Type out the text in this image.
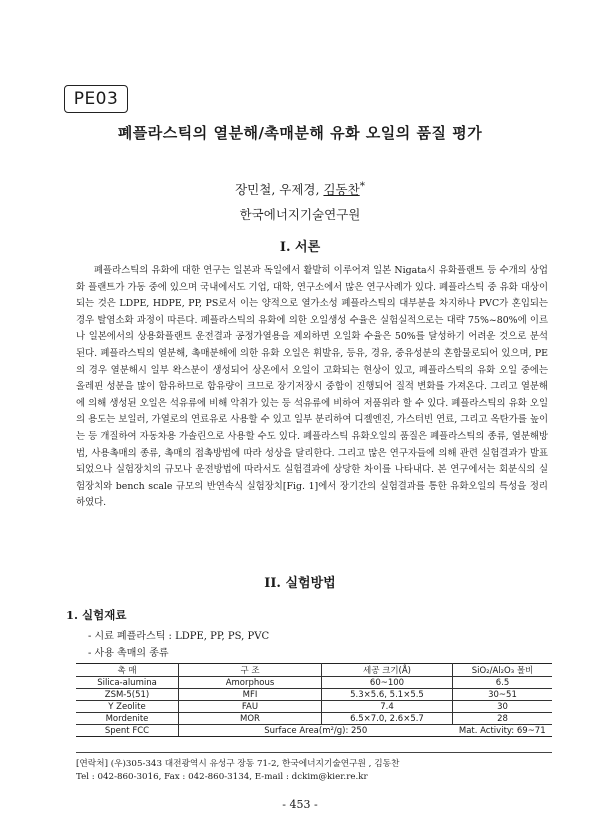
PE03
폐플라스틱의 열분해/촉매분해 유화 오일의 품질 평가
장민철, 우제경, 김동찬*
한국에너지기술연구원
I. 서론
폐플라스틱의 유화에 대한 연구는 일본과 독일에서 활발히 이루어져 일본 Nigata시 유화플랜트 등 수개의 상업화 플랜트가 가동 중에 있으며 국내에서도 기업, 대학, 연구소에서 많은 연구사례가 있다. 폐플라스틱 중 유화 대상이 되는 것은 LDPE, HDPE, PP, PS로서 이는 양적으로 열가소성 폐플라스틱의 대부분을 차지하나 PVC가 혼입되는 경우 탈염소화 과정이 따른다. 폐플라스틱의 유화에 의한 오일생성 수율은 실험실적으로는 대략 75%~80%에 이르나 일본에서의 상용화플랜트 운전결과 공정가열용을 제외하면 오일화 수율은 50%를 달성하기 어려운 것으로 분석된다. 폐플라스틱의 열분해, 촉매분해에 의한 유화 오일은 휘발유, 등유, 경유, 중유성분의 혼합물로되어 있으며, PE의 경우 열분해시 일부 왁스분이 생성되어 상온에서 오일이 고화되는 현상이 있고, 폐플라스틱의 유화 오일 중에는 올레핀 성분을 많이 함유하므로 함유량이 크므로 장기저장시 중합이 진행되어 질적 변화를 가져온다. 그리고 열분해에 의해 생성된 오일은 석유류에 비해 악취가 있는 등 석유류에 비하여 저품위라 할 수 있다. 폐플라스틱의 유화 오일의 용도는 보일러, 가열로의 연료유로 사용할 수 있고 일부 분리하여 디젤엔진, 가스터빈 연료, 그리고 옥탄가를 높이는 등 개질하여 자동차용 가솔린으로 사용할 수도 있다. 폐플라스틱 유화오일의 품질은 폐플라스틱의 종류, 열분해방법, 사용촉매의 종류, 촉매의 접촉방법에 따라 성상을 달리한다. 그리고 많은 연구자들에 의해 관련 실험결과가 발표되었으나 실험장치의 규모나 운전방법에 따라서도 실험결과에 상당한 차이를 나타내다. 본 연구에서는 회분식의 실험장치와 bench scale 규모의 반연속식 실험장치[Fig. 1]에서 장기간의 실험결과를 통한 유화오일의 특성을 정리하였다.
II. 실험방법
1. 실험재료
- 시료 폐플라스틱 : LDPE, PP, PS, PVC
- 사용 촉매의 종류
촉 매	구 조	세공 크기(Å)	SiO₂/Al₂O₃ 몰비
Silica-alumina	Amorphous	60~100	6.5
ZSM-5(51)	MFI	5.3×5.6, 5.1×5.5	30~51
Y Zeolite	FAU	7.4	30
Mordenite	MOR	6.5×7.0, 2.6×5.7	28
Spent FCC	Surface Area(m²/g): 250		Mat. Activity: 69~71
[연락처] (우)305-343 대전광역시 유성구 장동 71-2, 한국에너지기술연구원 , 김동찬
Tel : 042-860-3016, Fax : 042-860-3134, E-mail : dckim@kier.re.kr
- 453 -
